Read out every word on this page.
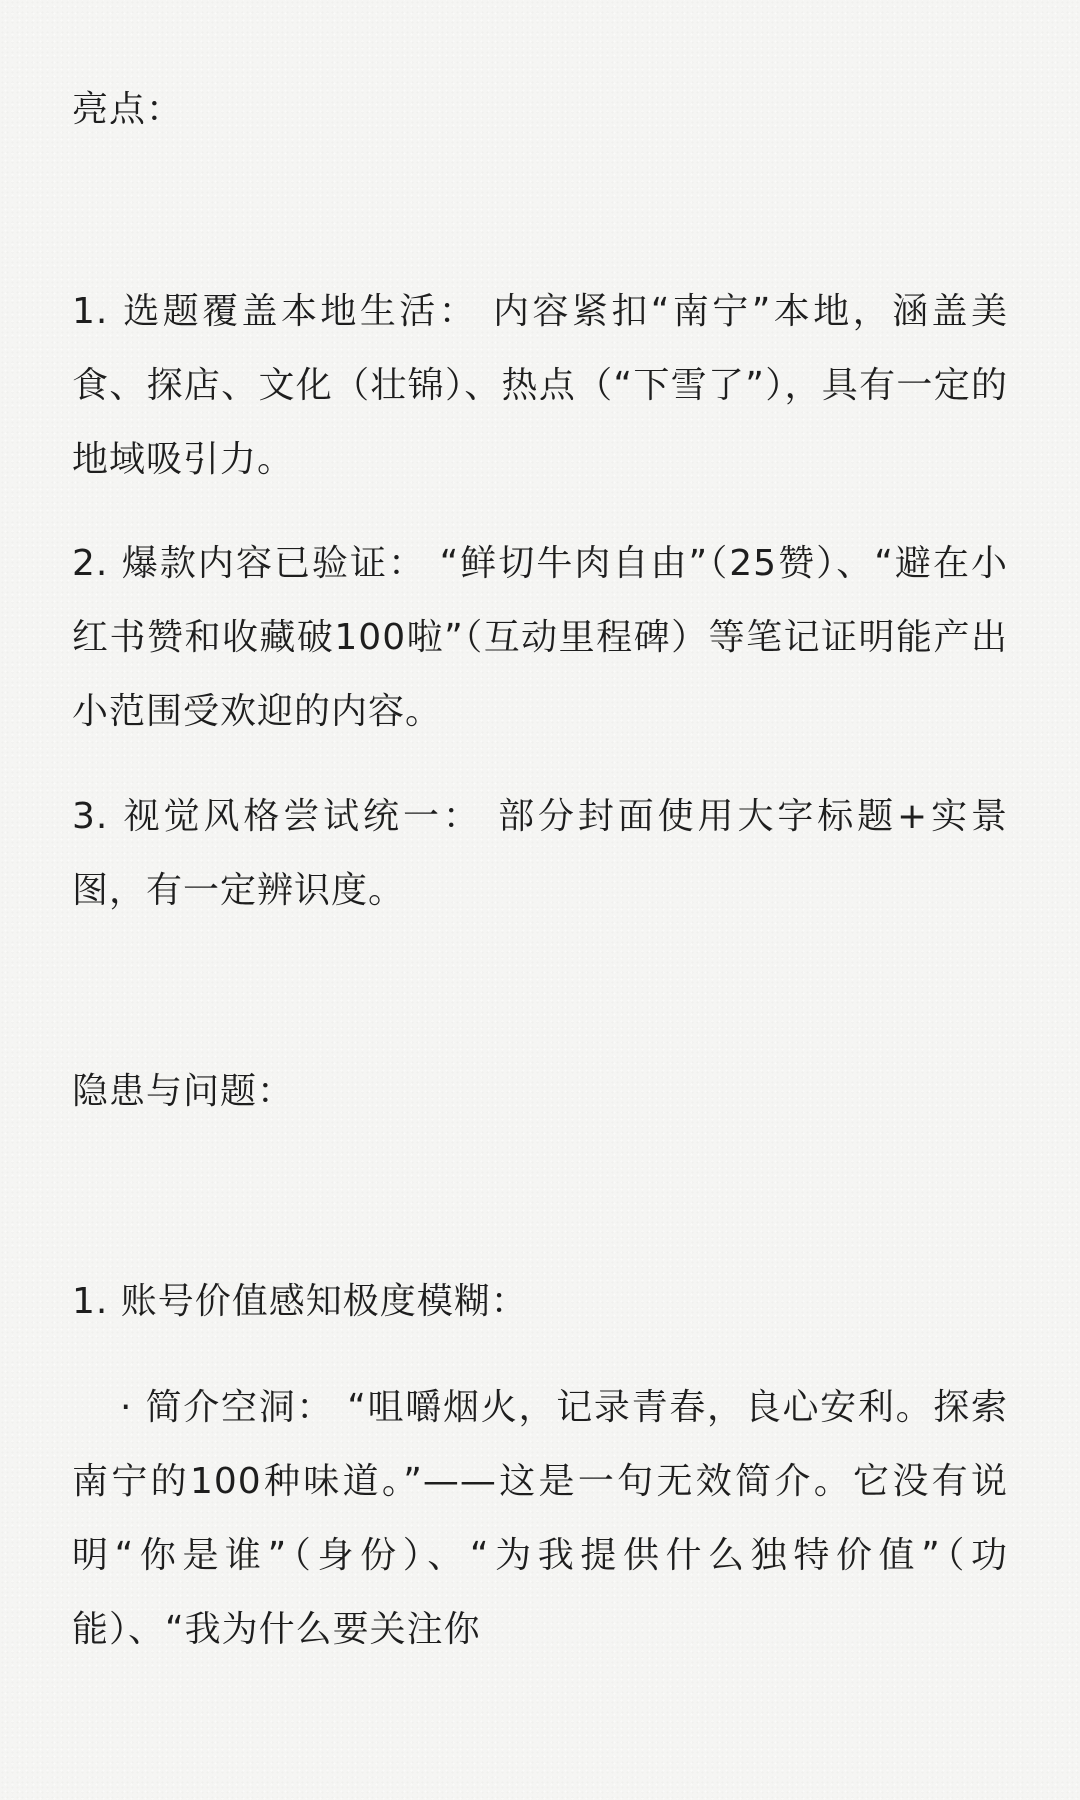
亮点：

1. 选题覆盖本地生活： 内容紧扣“南宁”本地，涵盖美食、探店、文化（壮锦）、热点（“下雪了”），具有一定的地域吸引力。

2. 爆款内容已验证： “鲜切牛肉自由”（25赞）、“避在小红书赞和收藏破100啦”（互动里程碑）等笔记证明能产出小范围受欢迎的内容。

3. 视觉风格尝试统一： 部分封面使用大字标题+实景图，有一定辨识度。

隐患与问题：
1. 账号价值感知极度模糊：

· 简介空洞： “咀嚼烟火，记录青春，良心安利。探索南宁的100种味道。”——这是一句无效简介。它没有说明“你是谁”（身份）、“为我提供什么独特价值”（功能）、“我为什么要关注你
